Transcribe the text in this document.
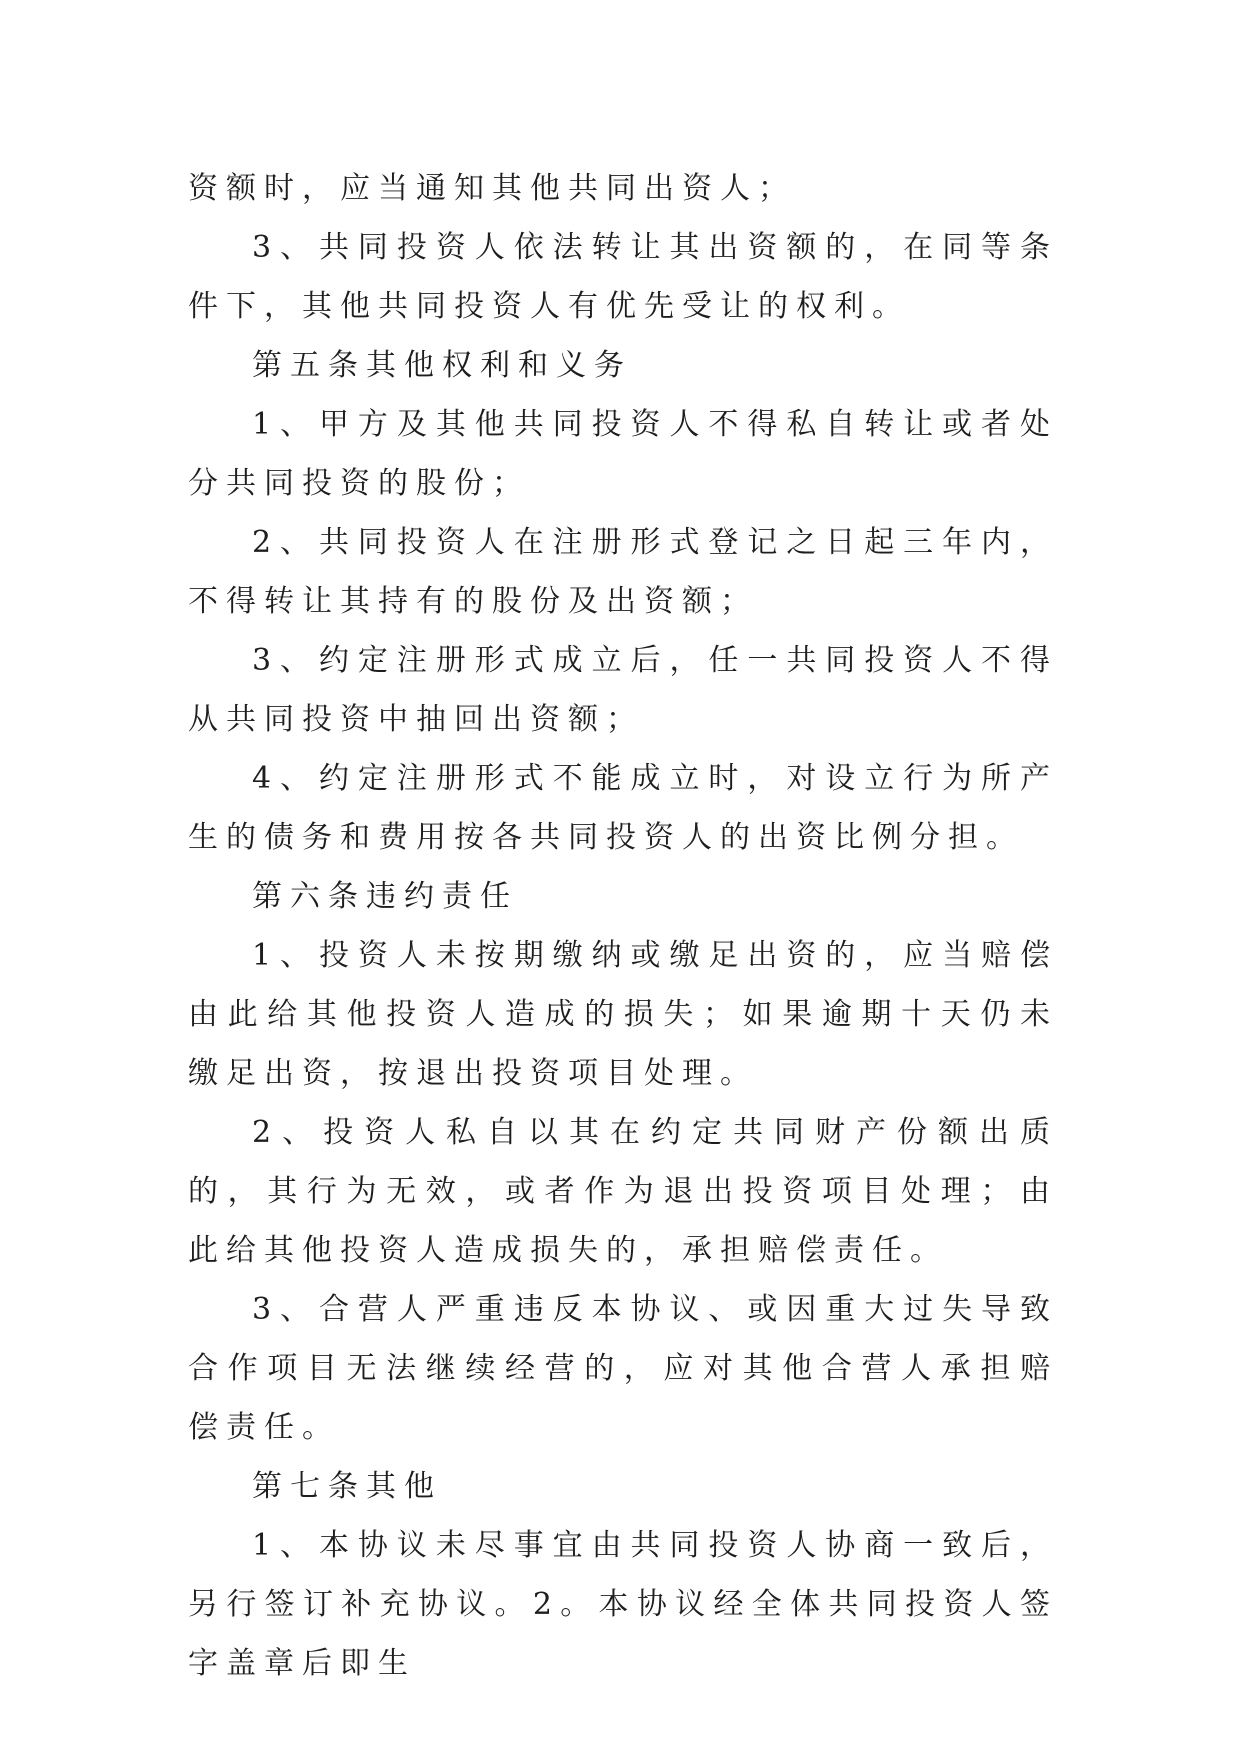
资额时，应当通知其他共同出资人；

3、共同投资人依法转让其出资额的，在同等条件下，其他共同投资人有优先受让的权利。

第五条其他权利和义务

1、甲方及其他共同投资人不得私自转让或者处分共同投资的股份；

2、共同投资人在注册形式登记之日起三年内，不得转让其持有的股份及出资额；

3、约定注册形式成立后，任一共同投资人不得从共同投资中抽回出资额；

4、约定注册形式不能成立时，对设立行为所产生的债务和费用按各共同投资人的出资比例分担。

第六条违约责任

1、投资人未按期缴纳或缴足出资的，应当赔偿由此给其他投资人造成的损失；如果逾期十天仍未缴足出资，按退出投资项目处理。

2、投资人私自以其在约定共同财产份额出质的，其行为无效，或者作为退出投资项目处理；由此给其他投资人造成损失的，承担赔偿责任。

3、合营人严重违反本协议、或因重大过失导致合作项目无法继续经营的，应对其他合营人承担赔偿责任。

第七条其他

1、本协议未尽事宜由共同投资人协商一致后，另行签订补充协议。2。本协议经全体共同投资人签字盖章后即生
